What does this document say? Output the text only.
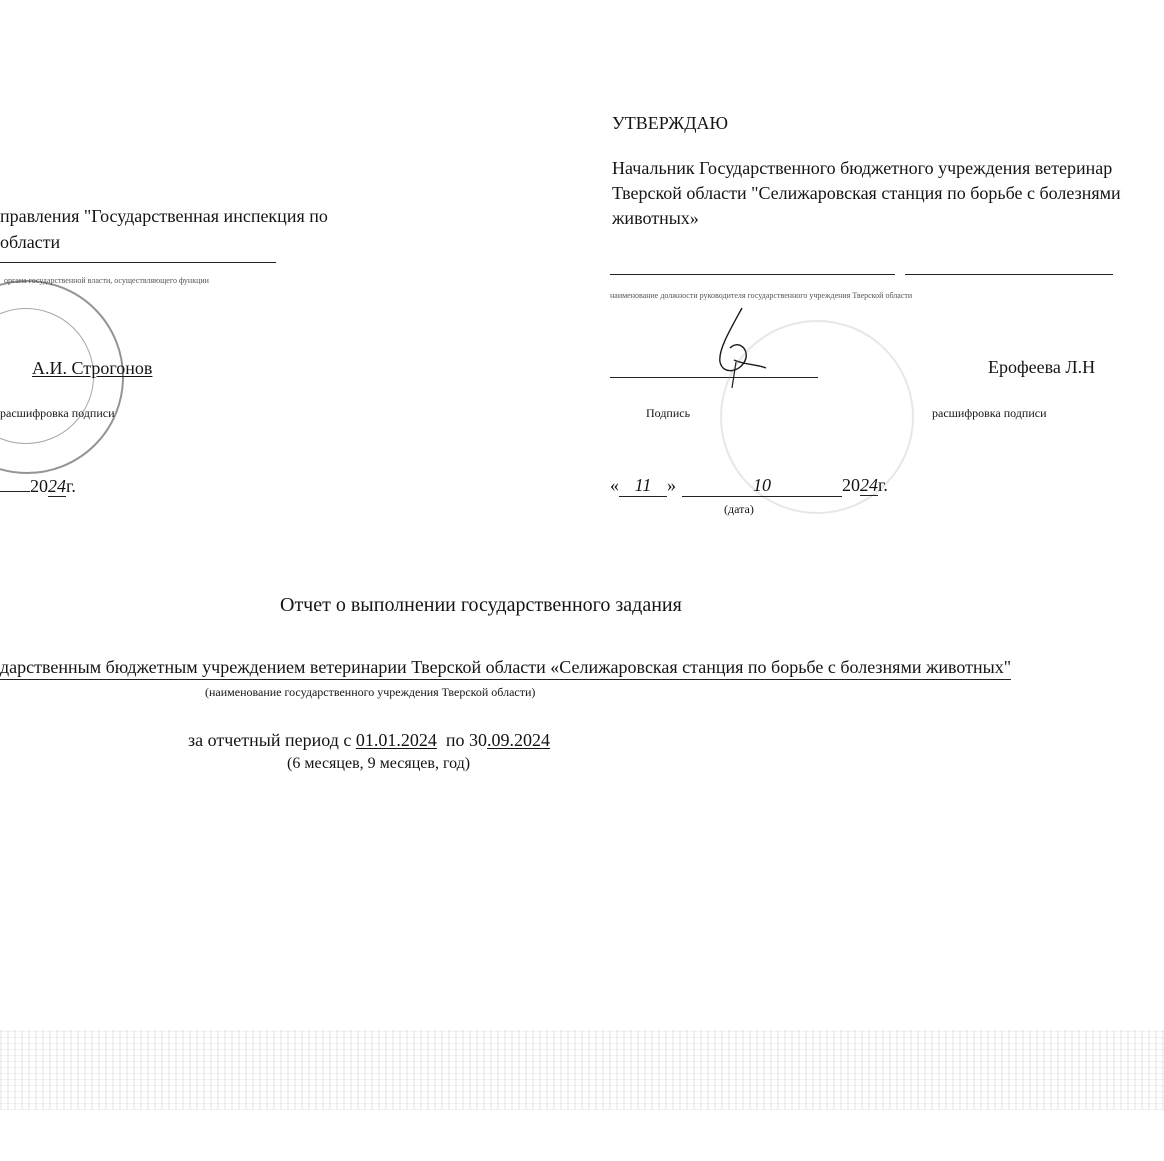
правления "Государственная инспекция по
области
органа государственной власти, осуществляющего функции
А.И. Строгонов
расшифровка подписи
2024г.
УТВЕРЖДАЮ
Начальник Государственного бюджетного учреждения ветеринар
Тверской области "Селижаровская станция по борьбе с болезнями
животных»
наименование должности руководителя государственного учреждения Тверской области
Ерофеева Л.Н
Подпись	расшифровка подписи
« 11 »	10	2024г.
(дата)
Отчет о выполнении государственного задания
дарственным бюджетным учреждением ветеринарии Тверской области «Селижаровская станция по борьбе с болезнями животных"
(наименование государственного учреждения Тверской области)
за отчетный период с 01.01.2024 по 30.09.2024
(6 месяцев, 9 месяцев, год)
